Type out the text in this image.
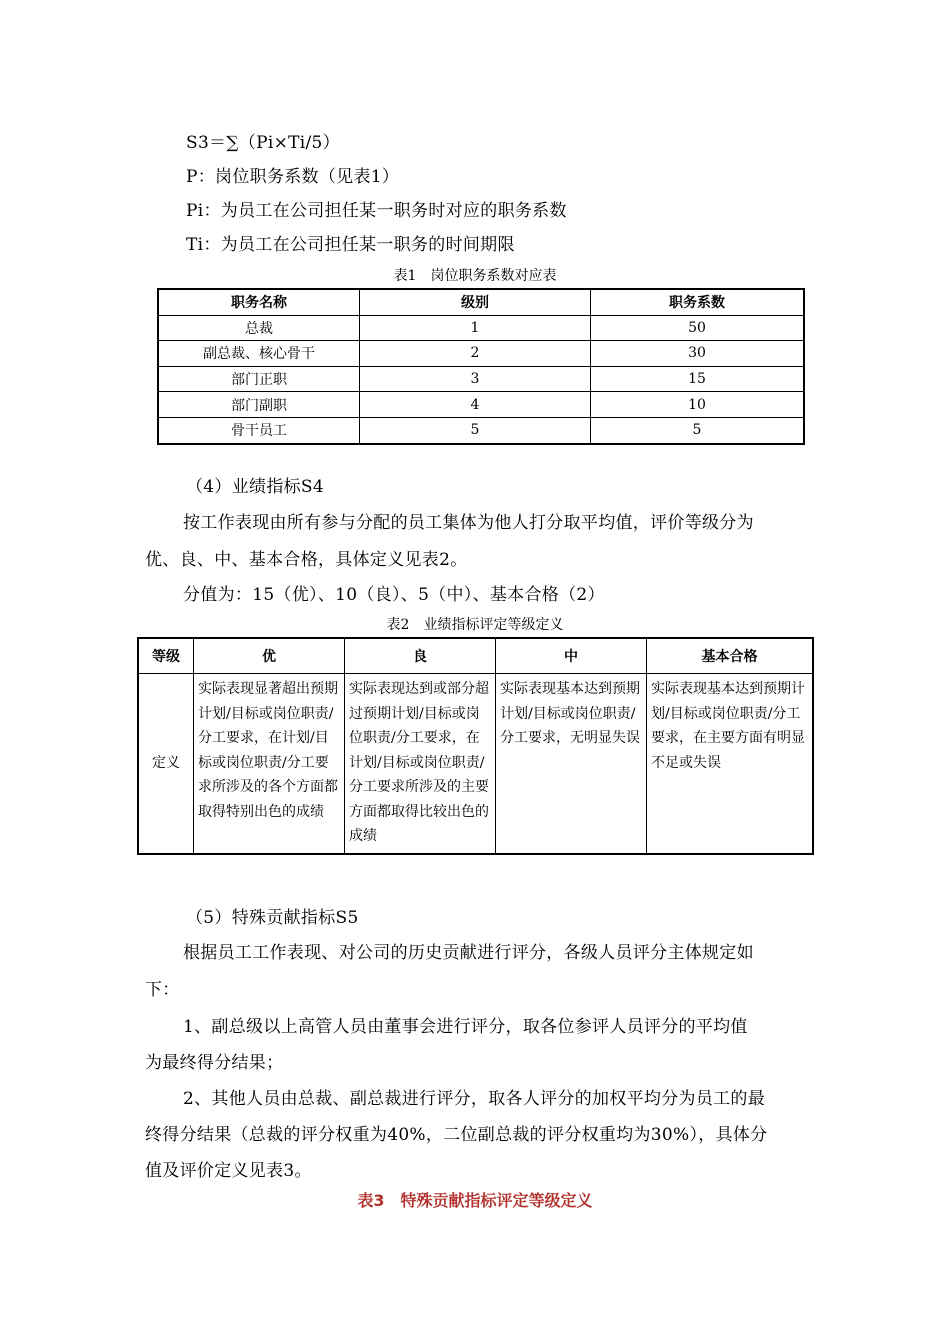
S3＝∑（Pi×Ti/5）
P：岗位职务系数（见表1）
Pi：为员工在公司担任某一职务时对应的职务系数
Ti：为员工在公司担任某一职务的时间期限
表1　岗位职务系数对应表
职务名称	级别	职务系数
总裁	1	50
副总裁、核心骨干	2	30
部门正职	3	15
部门副职	4	10
骨干员工	5	5
（4）业绩指标S4
按工作表现由所有参与分配的员工集体为他人打分取平均值，评价等级分为
优、良、中、基本合格，具体定义见表2。
分值为：15（优）、10（良）、5（中）、基本合格（2）
表2　业绩指标评定等级定义
等级	优	良	中	基本合格
定义	实际表现显著超出预期计划/目标或岗位职责/分工要求，在计划/目标或岗位职责/分工要求所涉及的各个方面都取得特别出色的成绩	实际表现达到或部分超过预期计划/目标或岗位职责/分工要求，在计划/目标或岗位职责/分工要求所涉及的主要方面都取得比较出色的成绩	实际表现基本达到预期计划/目标或岗位职责/分工要求，无明显失误	实际表现基本达到预期计划/目标或岗位职责/分工要求，在主要方面有明显不足或失误
（5）特殊贡献指标S5
根据员工工作表现、对公司的历史贡献进行评分，各级人员评分主体规定如
下：
1、副总级以上高管人员由董事会进行评分，取各位参评人员评分的平均值
为最终得分结果；
2、其他人员由总裁、副总裁进行评分，取各人评分的加权平均分为员工的最
终得分结果（总裁的评分权重为40%，二位副总裁的评分权重均为30%），具体分
值及评价定义见表3。
表3　特殊贡献指标评定等级定义
